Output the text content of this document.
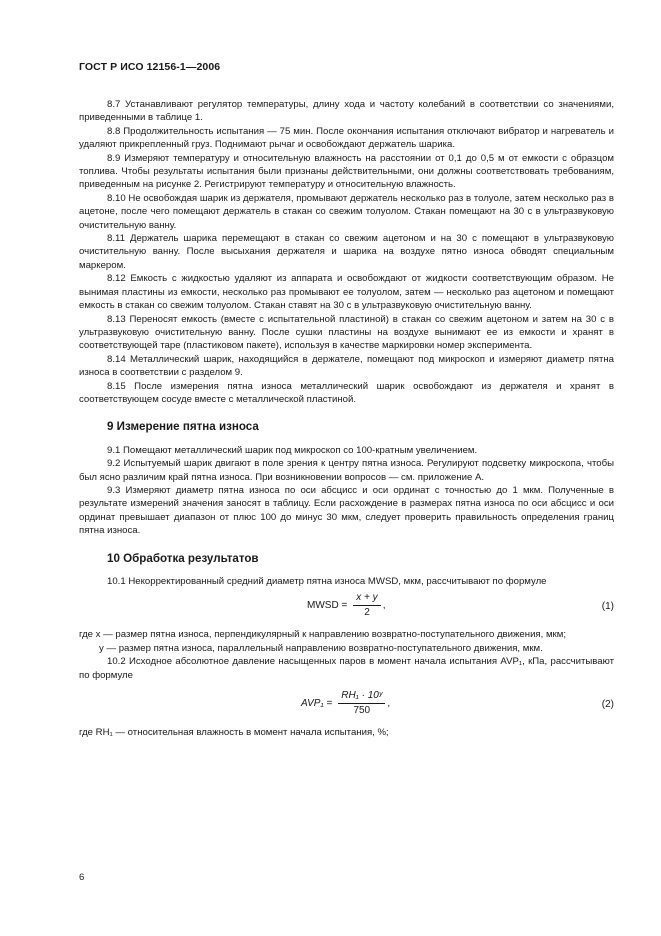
ГОСТ Р ИСО 12156-1—2006

8.7 Устанавливают регулятор температуры, длину хода и частоту колебаний в соответствии со значениями, приведенными в таблице 1.

8.8 Продолжительность испытания — 75 мин. После окончания испытания отключают вибратор и нагреватель и удаляют прикрепленный груз. Поднимают рычаг и освобождают держатель шарика.

8.9 Измеряют температуру и относительную влажность на расстоянии от 0,1 до 0,5 м от емкости с образцом топлива. Чтобы результаты испытания были признаны действительными, они должны соответствовать требованиям, приведенным на рисунке 2. Регистрируют температуру и относительную влажность.

8.10 Не освобождая шарик из держателя, промывают держатель несколько раз в толуоле, затем несколько раз в ацетоне, после чего помещают держатель в стакан со свежим толуолом. Стакан помещают на 30 с в ультразвуковую очистительную ванну.

8.11 Держатель шарика перемещают в стакан со свежим ацетоном и на 30 с помещают в ультразвуковую очистительную ванну. После высыхания держателя и шарика на воздухе пятно износа обводят специальным маркером.

8.12 Емкость с жидкостью удаляют из аппарата и освобождают от жидкости соответствующим образом. Не вынимая пластины из емкости, несколько раз промывают ее толуолом, затем — несколько раз ацетоном и помещают емкость в стакан со свежим толуолом. Стакан ставят на 30 с в ультразвуковую очистительную ванну.

8.13 Переносят емкость (вместе с испытательной пластиной) в стакан со свежим ацетоном и затем на 30 с в ультразвуковую очистительную ванну. После сушки пластины на воздухе вынимают ее из емкости и хранят в соответствующей таре (пластиковом пакете), используя в качестве маркировки номер эксперимента.

8.14 Металлический шарик, находящийся в держателе, помещают под микроскоп и измеряют диаметр пятна износа в соответствии с разделом 9.

8.15 После измерения пятна износа металлический шарик освобождают из держателя и хранят в соответствующем сосуде вместе с металлической пластиной.

9 Измерение пятна износа

9.1 Помещают металлический шарик под микроскоп со 100-кратным увеличением.

9.2 Испытуемый шарик двигают в поле зрения к центру пятна износа. Регулируют подсветку микроскопа, чтобы был ясно различим край пятна износа. При возникновении вопросов — см. приложение А.

9.3 Измеряют диаметр пятна износа по оси абсцисс и оси ординат с точностью до 1 мкм. Полученные в результате измерений значения заносят в таблицу. Если расхождение в размерах пятна износа по оси абсцисс и оси ординат превышает диапазон от плюс 100 до минус 30 мкм, следует проверить правильность определения границ пятна износа.

10 Обработка результатов

10.1 Некорректированный средний диаметр пятна износа MWSD, мкм, рассчитывают по формуле

MWSD = $\frac{x + y}{2}$ ,	(1)

где x — размер пятна износа, перпендикулярный к направлению возвратно-поступательного движения, мкм;

y — размер пятна износа, параллельный направлению возвратно-поступательного движения, мкм.

10.2 Исходное абсолютное давление насыщенных паров в момент начала испытания AVP₁, кПа, рассчитывают по формуле

$AVP_1 = \frac{\text{RH₁ · 10ʸ}}{750}$ ,	(2)

где RH₁ — относительная влажность в момент начала испытания, %;

6
